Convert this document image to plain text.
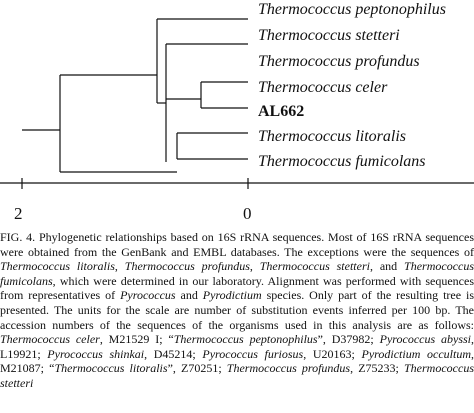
Thermococcus peptonophilus
Thermococcus stetteri
Thermococcus profundus
Thermococcus celer
AL662
Thermococcus litoralis
Thermococcus fumicolans
2	0

FIG. 4. Phylogenetic relationships based on 16S rRNA sequences. Most of 16S rRNA sequences were obtained from the GenBank and EMBL databases. The exceptions were the sequences of Thermococcus litoralis, Thermococcus profundus, Thermococcus stetteri, and Thermococcus fumicolans, which were determined in our laboratory. Alignment was performed with sequences from representatives of Pyrococcus and Pyrodictium species. Only part of the resulting tree is presented. The units for the scale are number of substitution events inferred per 100 bp. The accession numbers of the sequences of the organisms used in this analysis are as follows: Thermococcus celer, M21529 I; “Thermococcus peptonophilus”, D37982; Pyrococcus abyssi, L19921; Pyrococcus shinkai, D45214; Pyrococcus furiosus, U20163; Pyrodictium occultum, M21087; “Thermococcus litoralis”, Z70251; Thermococcus profundus, Z75233; Thermococcus stetteri
